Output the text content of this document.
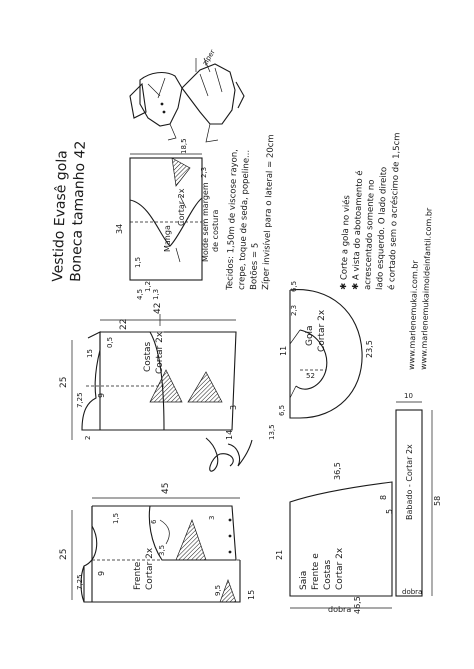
zíper
Vestido Evasê gola
Boneca tamanho 42	Manga
Cortar 2x Molde sem margem de costura
34
18,5
2,3
1,5
1,2
4,5 1,3
Costas Cortar 2x
22
42
25
15
0,5
7,25 9
2
3
14
Frente Cortar 2x
25
45
7,25
9
1,5	6
3,5
3
9,5	15
Gola Cortar 2x
6,5
2,3
11
52
23,5
6,5
13,5
Saia Frente e Costas Cortar 2x
dobra
36,5
21
8
46,5
5 Babado - Cortar 2x
dobra
58
10
Tecidos: 1,50m de viscose rayon,
crepe, toque de seda, popeline...
Botões = 5 Zíper invisível para o lateral = 20cm	✱ Corte a gola no viés
✱ A vista do abotoamento é
acrescentado somente no
lado esquerdo. O lado direito
é cortado sem o acréscimo de 1,5cm
www.marlenemukai.com.br www.marlenemukaimoldeinfantil.com.br
